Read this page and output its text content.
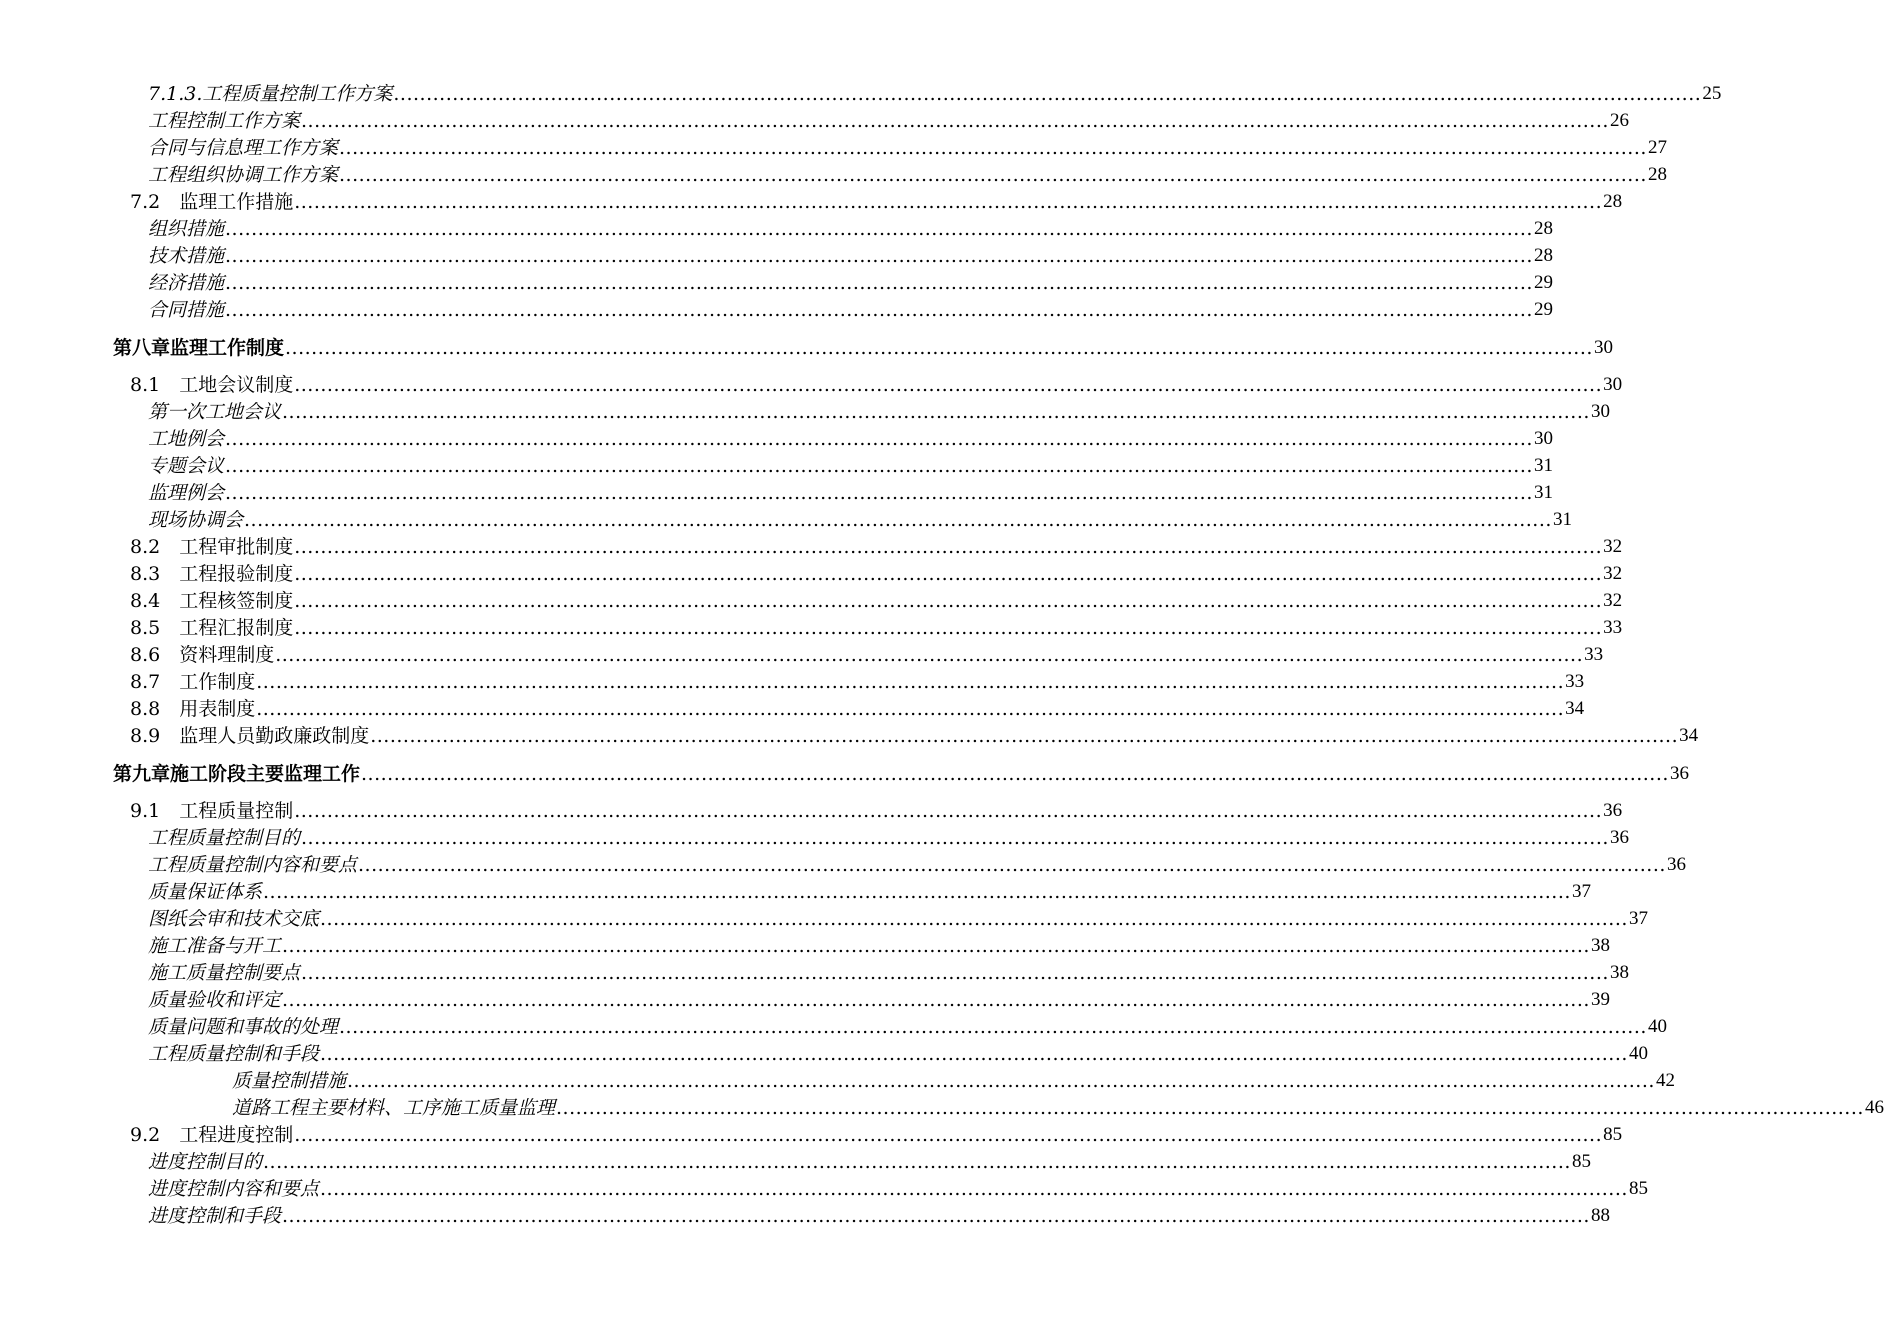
7.1.3.工程质量控制工作方案 ........................................................................................................................................................................................................ 25
工程控制工作方案 ........................................................................................................................................................................................................ 26
合同与信息理工作方案 ........................................................................................................................................................................................................ 27
工程组织协调工作方案 ........................................................................................................................................................................................................ 28
7.2　监理工作措施 ........................................................................................................................................................................................................ 28
组织措施 ........................................................................................................................................................................................................ 28
技术措施 ........................................................................................................................................................................................................ 28
经济措施 ........................................................................................................................................................................................................ 29
合同措施 ........................................................................................................................................................................................................ 29
第八章监理工作制度 ........................................................................................................................................................................................................ 30
8.1　工地会议制度 ........................................................................................................................................................................................................ 30
第一次工地会议 ........................................................................................................................................................................................................ 30
工地例会 ........................................................................................................................................................................................................ 30
专题会议 ........................................................................................................................................................................................................ 31
监理例会 ........................................................................................................................................................................................................ 31
现场协调会 ........................................................................................................................................................................................................ 31
8.2　工程审批制度 ........................................................................................................................................................................................................ 32
8.3　工程报验制度 ........................................................................................................................................................................................................ 32
8.4　工程核签制度 ........................................................................................................................................................................................................ 32
8.5　工程汇报制度 ........................................................................................................................................................................................................ 33
8.6　资料理制度 ........................................................................................................................................................................................................ 33
8.7　工作制度 ........................................................................................................................................................................................................ 33
8.8　用表制度 ........................................................................................................................................................................................................ 34
8.9　监理人员勤政廉政制度 ........................................................................................................................................................................................................ 34
第九章施工阶段主要监理工作 ........................................................................................................................................................................................................ 36
9.1　工程质量控制 ........................................................................................................................................................................................................ 36
工程质量控制目的 ........................................................................................................................................................................................................ 36
工程质量控制内容和要点 ........................................................................................................................................................................................................ 36
质量保证体系 ........................................................................................................................................................................................................ 37
图纸会审和技术交底 ........................................................................................................................................................................................................ 37
施工准备与开工 ........................................................................................................................................................................................................ 38
施工质量控制要点 ........................................................................................................................................................................................................ 38
质量验收和评定 ........................................................................................................................................................................................................ 39
质量问题和事故的处理 ........................................................................................................................................................................................................ 40
工程质量控制和手段 ........................................................................................................................................................................................................ 40
质量控制措施 ........................................................................................................................................................................................................ 42
道路工程主要材料、工序施工质量监理 ........................................................................................................................................................................................................ 46
9.2　工程进度控制 ........................................................................................................................................................................................................ 85
进度控制目的 ........................................................................................................................................................................................................ 85
进度控制内容和要点 ........................................................................................................................................................................................................ 85
进度控制和手段 ........................................................................................................................................................................................................ 88
